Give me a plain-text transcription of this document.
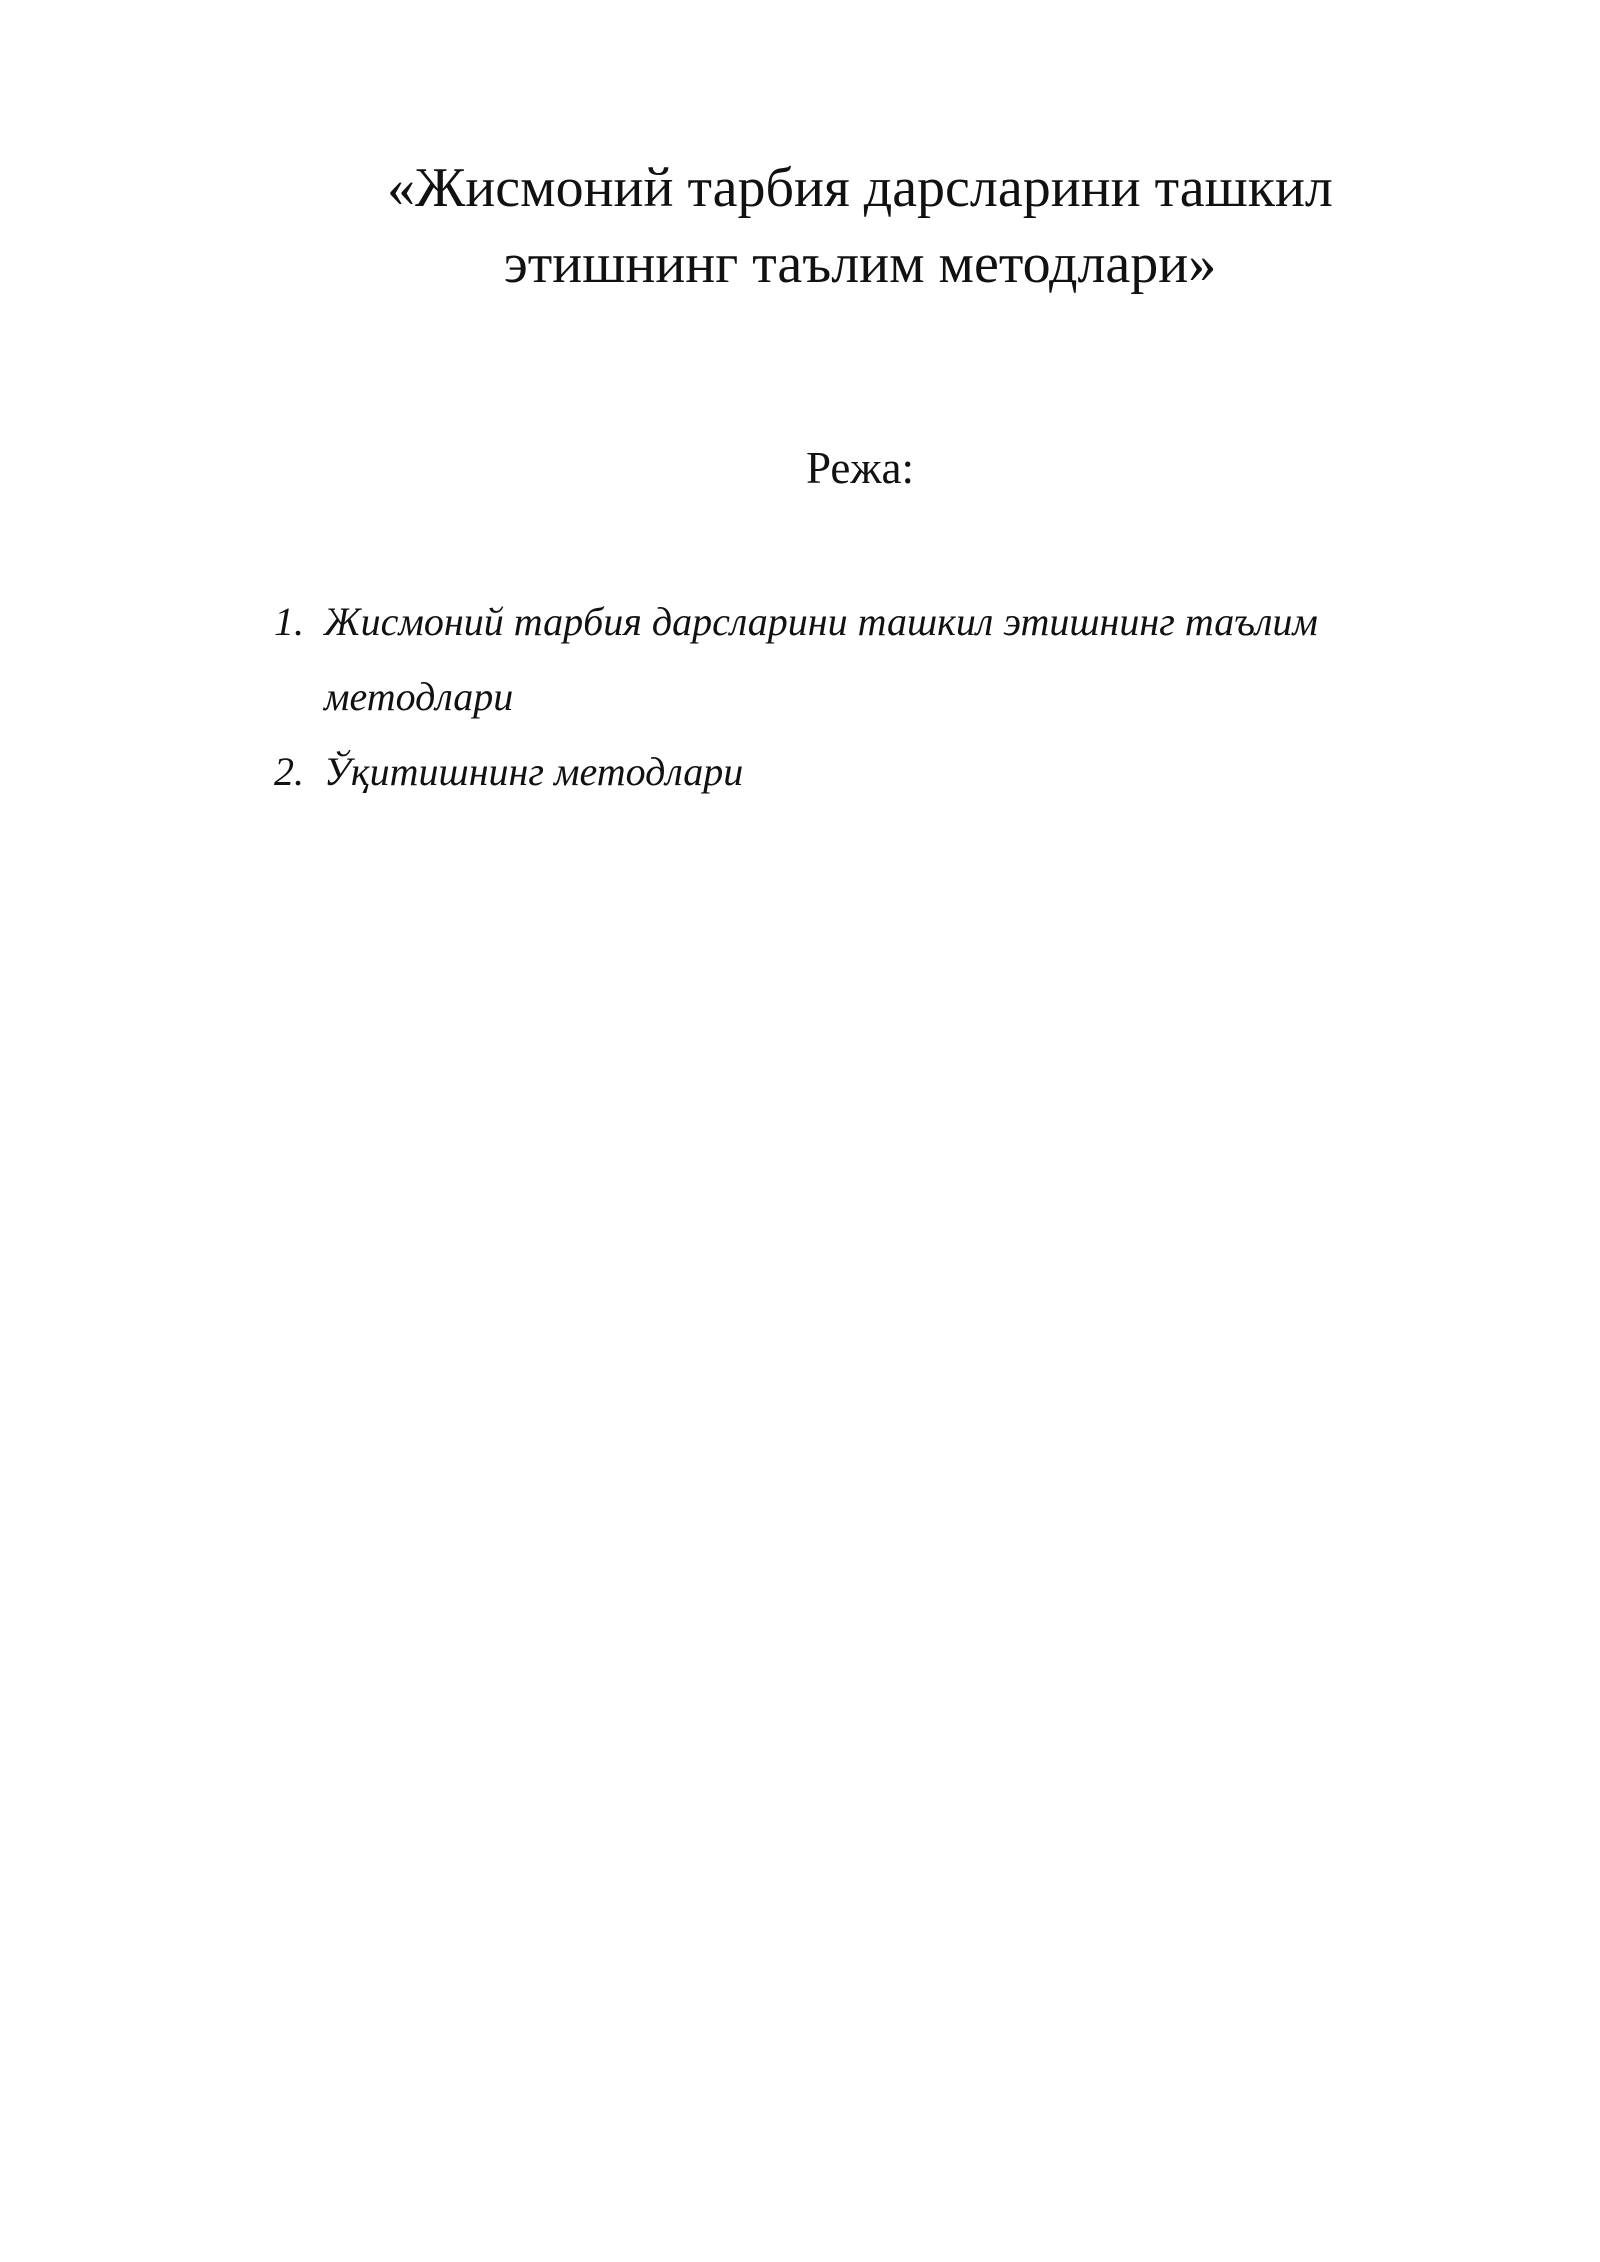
«Жисмоний тарбия дарсларини ташкил
этишнинг таълим методлари»
Режа:
1. Жисмоний тарбия дарсларини ташкил этишнинг таълим методлари
2. Ўқитишнинг методлари
